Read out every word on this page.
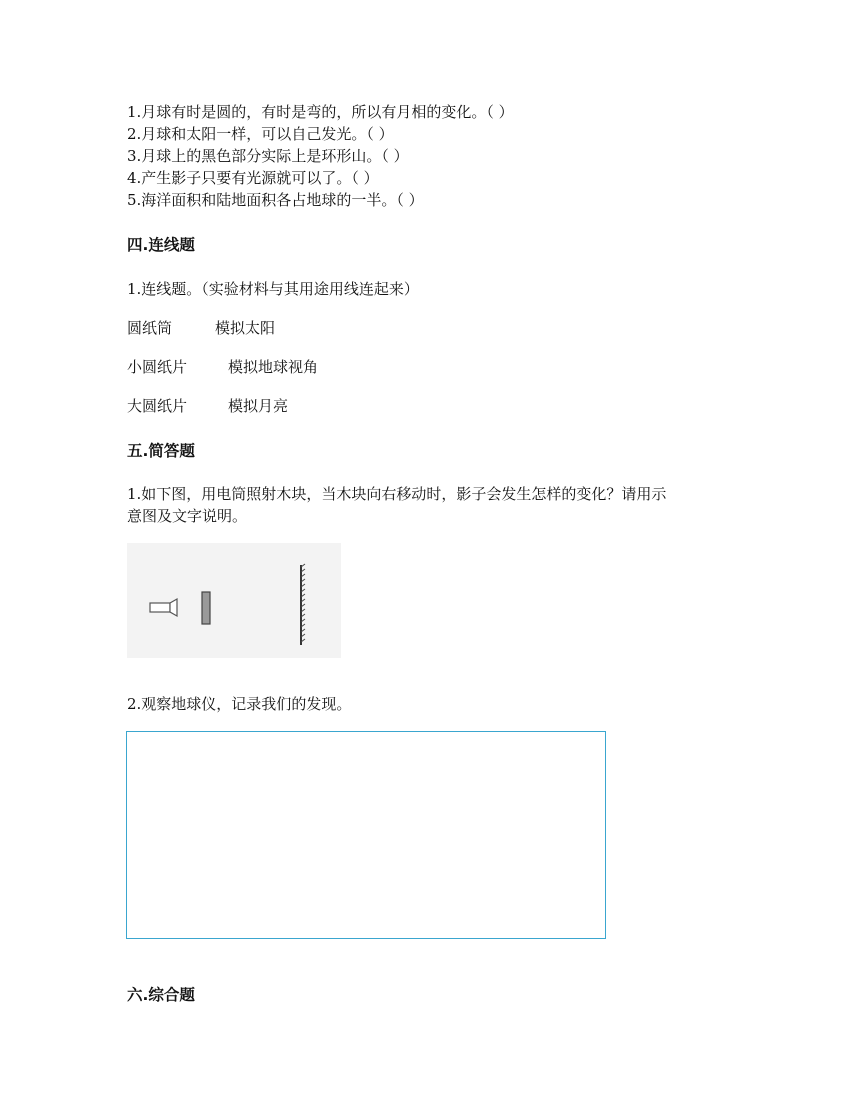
1.月球有时是圆的，有时是弯的，所以有月相的变化。（ ）
2.月球和太阳一样，可以自己发光。（ ）
3.月球上的黑色部分实际上是环形山。（ ）
4.产生影子只要有光源就可以了。（ ）
5.海洋面积和陆地面积各占地球的一半。（ ）
四.连线题
1.连线题。（实验材料与其用途用线连起来）
圆纸筒	模拟太阳
小圆纸片	模拟地球视角
大圆纸片	模拟月亮
五.简答题
1.如下图，用电筒照射木块，当木块向右移动时，影子会发生怎样的变化？请用示
意图及文字说明。
2.观察地球仪，记录我们的发现。
六.综合题
